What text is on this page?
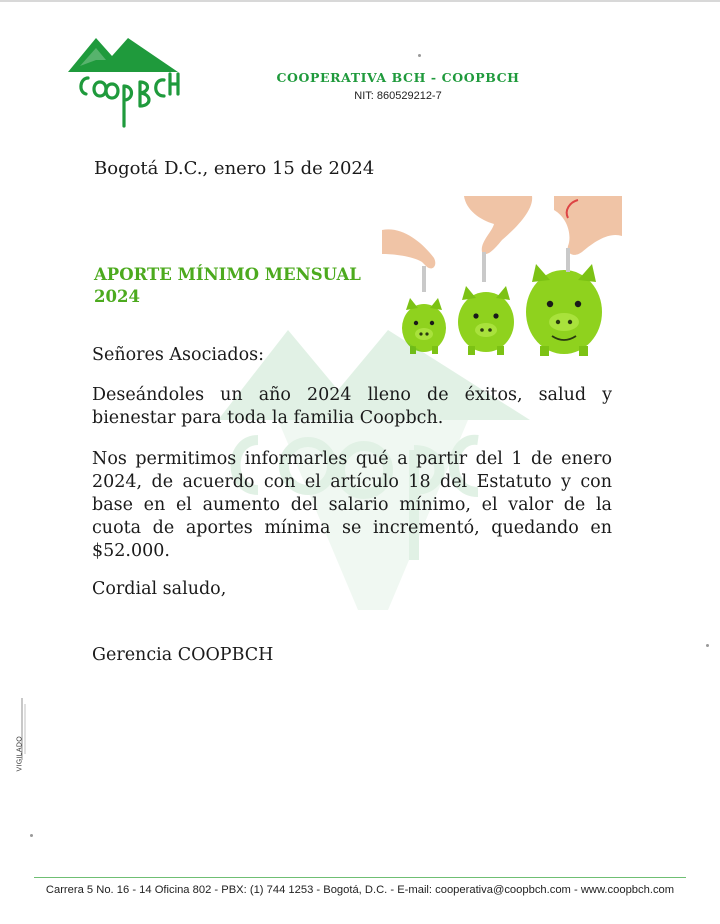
COOPERATIVA BCH - COOPBCH
NIT: 860529212-7
Bogotá D.C., enero 15 de 2024
APORTE MÍNIMO MENSUAL 2024
Señores Asociados:
Deseándoles un año 2024 lleno de éxitos, salud y bienestar para toda la familia Coopbch.
Nos permitimos informarles qué a partir del 1 de enero 2024, de acuerdo con el artículo 18 del Estatuto y con base en el aumento del salario mínimo, el valor de la cuota de aportes mínima se incrementó, quedando en $52.000.
Cordial saludo,
Gerencia COOPBCH
VIGILADO
Carrera 5 No. 16 - 14 Oficina 802 - PBX: (1) 744 1253 - Bogotá, D.C. - E-mail: cooperativa@coopbch.com - www.coopbch.com
